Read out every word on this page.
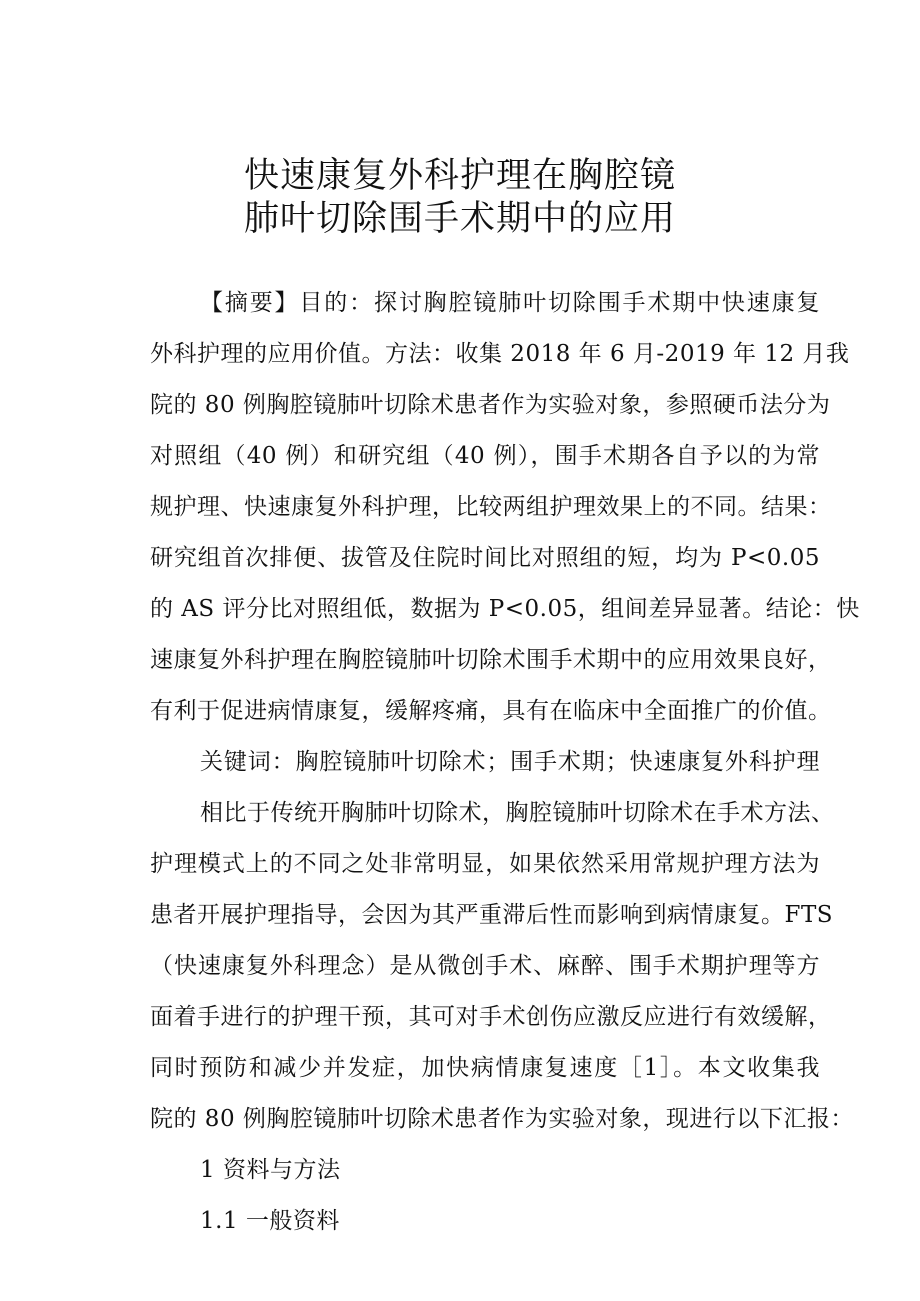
快速康复外科护理在胸腔镜
肺叶切除围手术期中的应用
【摘要】目的：探讨胸腔镜肺叶切除围手术期中快速康复
外科护理的应用价值。方法：收集 2018 年 6 月-2019 年 12 月我
院的 80 例胸腔镜肺叶切除术患者作为实验对象，参照硬币法分为
对照组（40 例）和研究组（40 例），围手术期各自予以的为常
规护理、快速康复外科护理，比较两组护理效果上的不同。结果：
研究组首次排便、拔管及住院时间比对照组的短，均为 P<0.05
的 AS 评分比对照组低，数据为 P<0.05，组间差异显著。结论：快
速康复外科护理在胸腔镜肺叶切除术围手术期中的应用效果良好，
有利于促进病情康复，缓解疼痛，具有在临床中全面推广的价值。
关键词：胸腔镜肺叶切除术；围手术期；快速康复外科护理
相比于传统开胸肺叶切除术，胸腔镜肺叶切除术在手术方法、
护理模式上的不同之处非常明显，如果依然采用常规护理方法为
患者开展护理指导，会因为其严重滞后性而影响到病情康复。FTS
（快速康复外科理念）是从微创手术、麻醉、围手术期护理等方
面着手进行的护理干预，其可对手术创伤应激反应进行有效缓解，
同时预防和减少并发症，加快病情康复速度［1］。本文收集我
院的 80 例胸腔镜肺叶切除术患者作为实验对象，现进行以下汇报：
1 资料与方法
1.1 一般资料
